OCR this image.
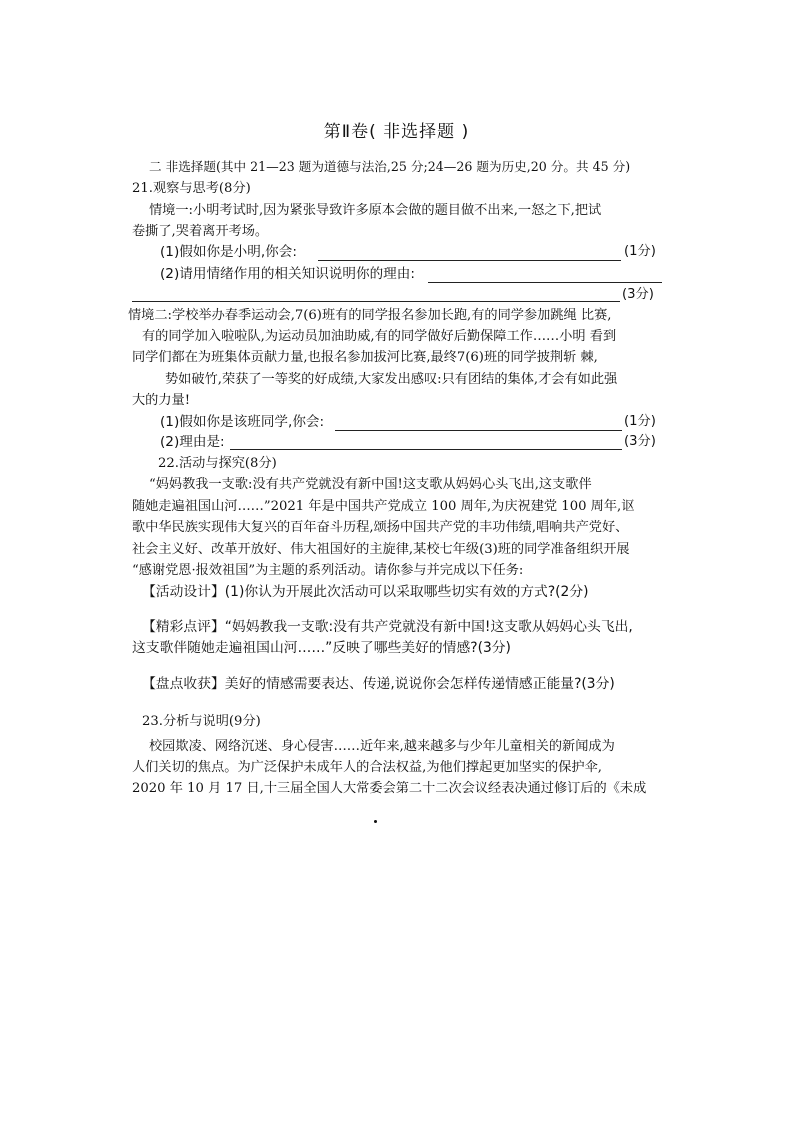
第Ⅱ卷( 非选择题 )
二 非选择题(其中 21—23 题为道德与法治,25 分;24—26 题为历史,20 分。共 45 分)
21.观察与思考(8分)
情境一:小明考试时,因为紧张导致许多原本会做的题目做不出来,一怒之下,把试
卷撕了,哭着离开考场。
(1)假如你是小明,你会:	(1分)
(2)请用情绪作用的相关知识说明你的理由:
(3分)
情境二:学校举办春季运动会,7(6)班有的同学报名参加长跑,有的同学参加跳绳 比赛,
有的同学加入啦啦队,为运动员加油助威,有的同学做好后勤保障工作……小明 看到
同学们都在为班集体贡献力量,也报名参加拔河比赛,最终7(6)班的同学披荆斩 棘,
势如破竹,荣获了一等奖的好成绩,大家发出感叹:只有团结的集体,才会有如此强
大的力量!
(1)假如你是该班同学,你会:	(1分)
(2)理由是:	(3分)
22.活动与探究(8分)
“妈妈教我一支歌:没有共产党就没有新中国!这支歌从妈妈心头飞出,这支歌伴
随她走遍祖国山河……”2021 年是中国共产党成立 100 周年,为庆祝建党 100 周年,讴
歌中华民族实现伟大复兴的百年奋斗历程,颂扬中国共产党的丰功伟绩,唱响共产党好、
社会主义好、改革开放好、伟大祖国好的主旋律,某校七年级(3)班的同学准备组织开展
“感谢党恩·报效祖国”为主题的系列活动。请你参与并完成以下任务:
【活动设计】(1)你认为开展此次活动可以采取哪些切实有效的方式?(2分)
【精彩点评】“妈妈教我一支歌:没有共产党就没有新中国!这支歌从妈妈心头飞出,
这支歌伴随她走遍祖国山河……”反映了哪些美好的情感?(3分)
【盘点收获】美好的情感需要表达、传递,说说你会怎样传递情感正能量?(3分)
23.分析与说明(9分)
校园欺凌、网络沉迷、身心侵害……近年来,越来越多与少年儿童相关的新闻成为
人们关切的焦点。为广泛保护未成年人的合法权益,为他们撑起更加坚实的保护伞,
2020 年 10 月 17 日,十三届全国人大常委会第二十二次会议经表决通过修订后的《未成
